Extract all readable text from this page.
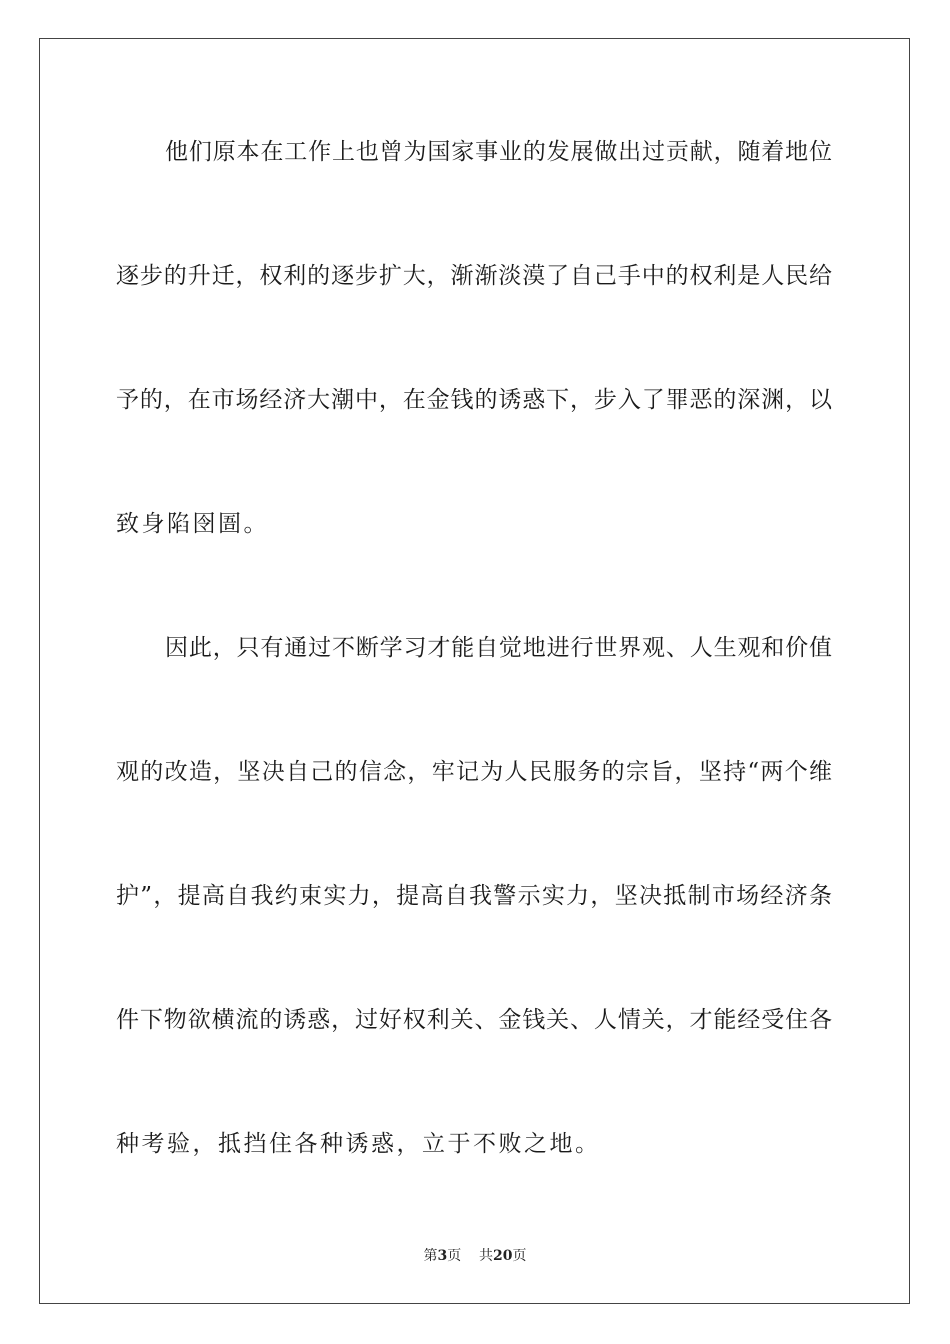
他们原本在工作上也曾为国家事业的发展做出过贡献，随着地位
逐步的升迁，权利的逐步扩大，渐渐淡漠了自己手中的权利是人民给
予的，在市场经济大潮中，在金钱的诱惑下，步入了罪恶的深渊，以
致身陷囹圄。
因此，只有通过不断学习才能自觉地进行世界观、人生观和价值
观的改造，坚决自己的信念，牢记为人民服务的宗旨，坚持“两个维
护”，提高自我约束实力，提高自我警示实力，坚决抵制市场经济条
件下物欲横流的诱惑，过好权利关、金钱关、人情关，才能经受住各
种考验，抵挡住各种诱惑，立于不败之地。
第3页 共20页
